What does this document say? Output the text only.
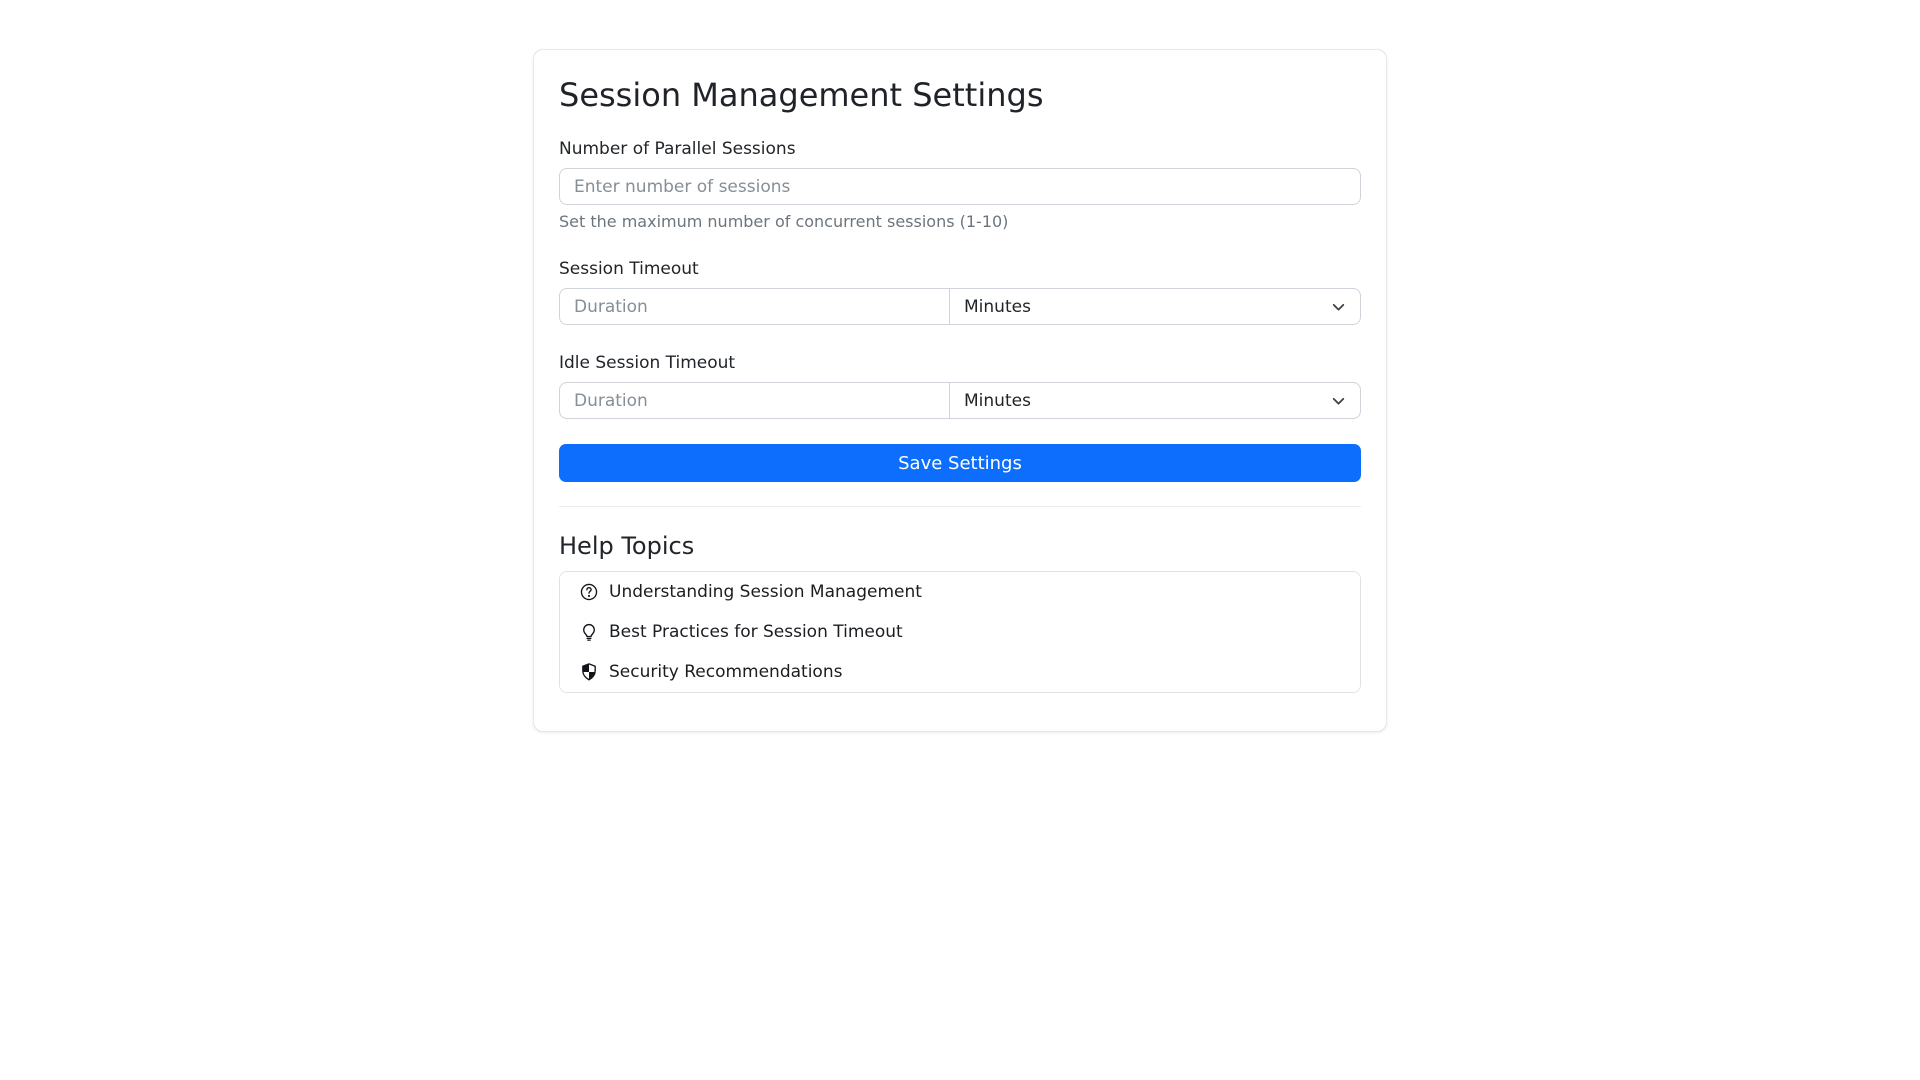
Session Management Settings
Number of Parallel Sessions
Enter number of sessions
Set the maximum number of concurrent sessions (1-10)
Session Timeout
Duration
Minutes
Idle Session Timeout
Duration
Minutes
Save Settings
Help Topics
Understanding Session Management
Best Practices for Session Timeout
Security Recommendations
